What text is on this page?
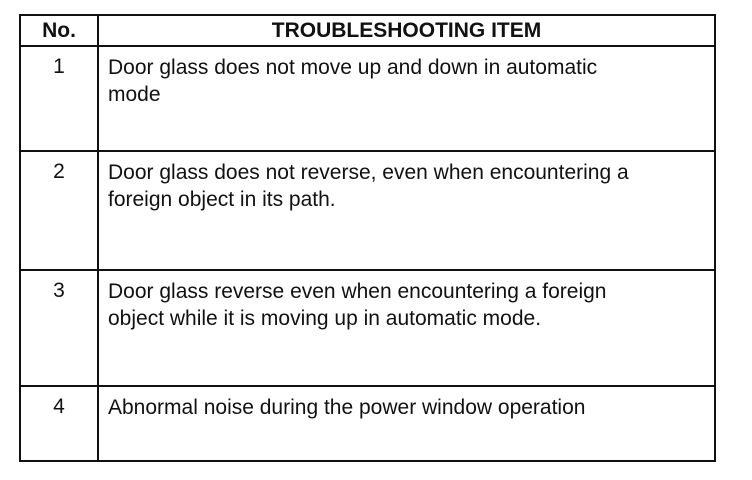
No.	TROUBLESHOOTING ITEM
1	Door glass does not move up and down in automatic
mode
2	Door glass does not reverse, even when encountering a
foreign object in its path.
3	Door glass reverse even when encountering a foreign
object while it is moving up in automatic mode.
4	Abnormal noise during the power window operation
